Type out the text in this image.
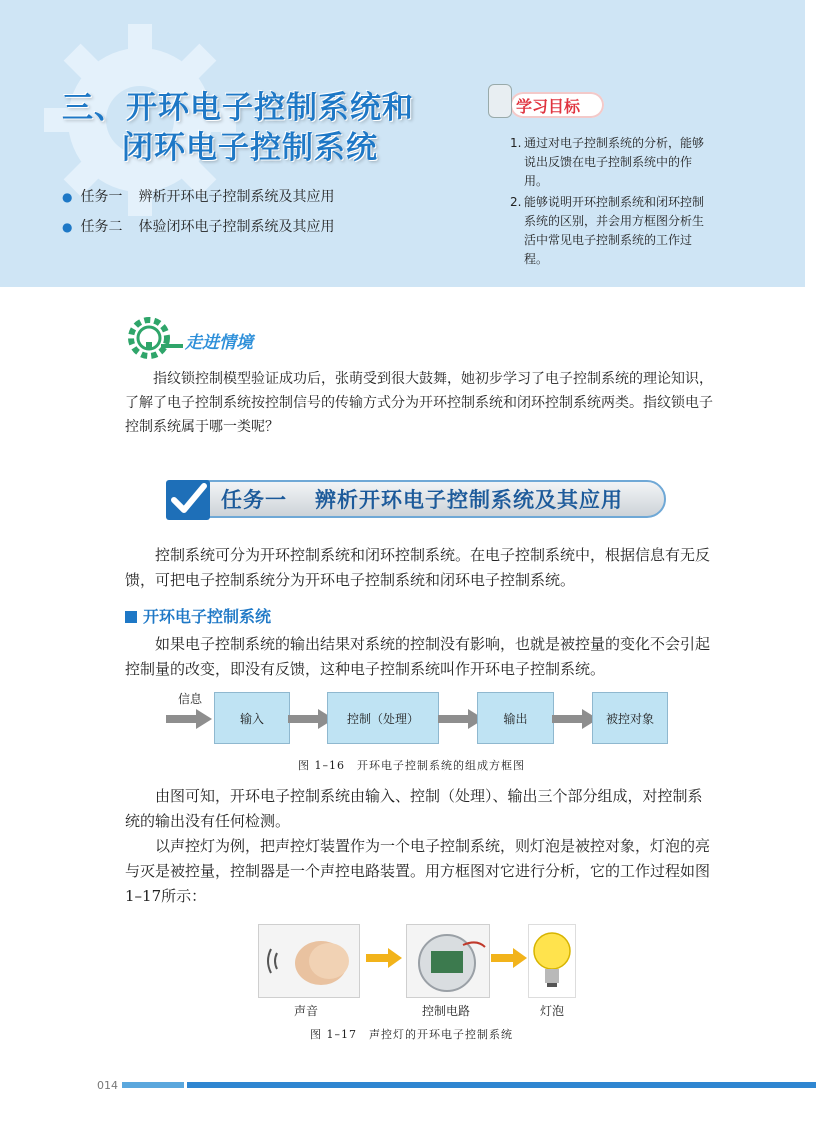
三、开环电子控制系统和
闭环电子控制系统
● 任务一 辨析开环电子控制系统及其应用
● 任务二 体验闭环电子控制系统及其应用
学习目标
1. 通过对电子控制系统的分析，能够说出反馈在电子控制系统中的作用。
2. 能够说明开环控制系统和闭环控制系统的区别，并会用方框图分析生活中常见电子控制系统的工作过程。
走进情境
指纹锁控制模型验证成功后，张萌受到很大鼓舞，她初步学习了电子控制系统的理论知识，了解了电子控制系统按控制信号的传输方式分为开环控制系统和闭环控制系统两类。指纹锁电子控制系统属于哪一类呢？
任务一 辨析开环电子控制系统及其应用
控制系统可分为开环控制系统和闭环控制系统。在电子控制系统中，根据信息有无反馈，可把电子控制系统分为开环电子控制系统和闭环电子控制系统。
开环电子控制系统
如果电子控制系统的输出结果对系统的控制没有影响，也就是被控量的变化不会引起控制量的改变，即没有反馈，这种电子控制系统叫作开环电子控制系统。
信息
输入	控制（处理）	输出	被控对象
图 1–16　开环电子控制系统的组成方框图
由图可知，开环电子控制系统由输入、控制（处理）、输出三个部分组成，对控制系统的输出没有任何检测。
以声控灯为例，把声控灯装置作为一个电子控制系统，则灯泡是被控对象，灯泡的亮与灭是被控量，控制器是一个声控电路装置。用方框图对它进行分析，它的工作过程如图1–17所示：
声音	控制电路	灯泡
图 1–17　声控灯的开环电子控制系统
014
